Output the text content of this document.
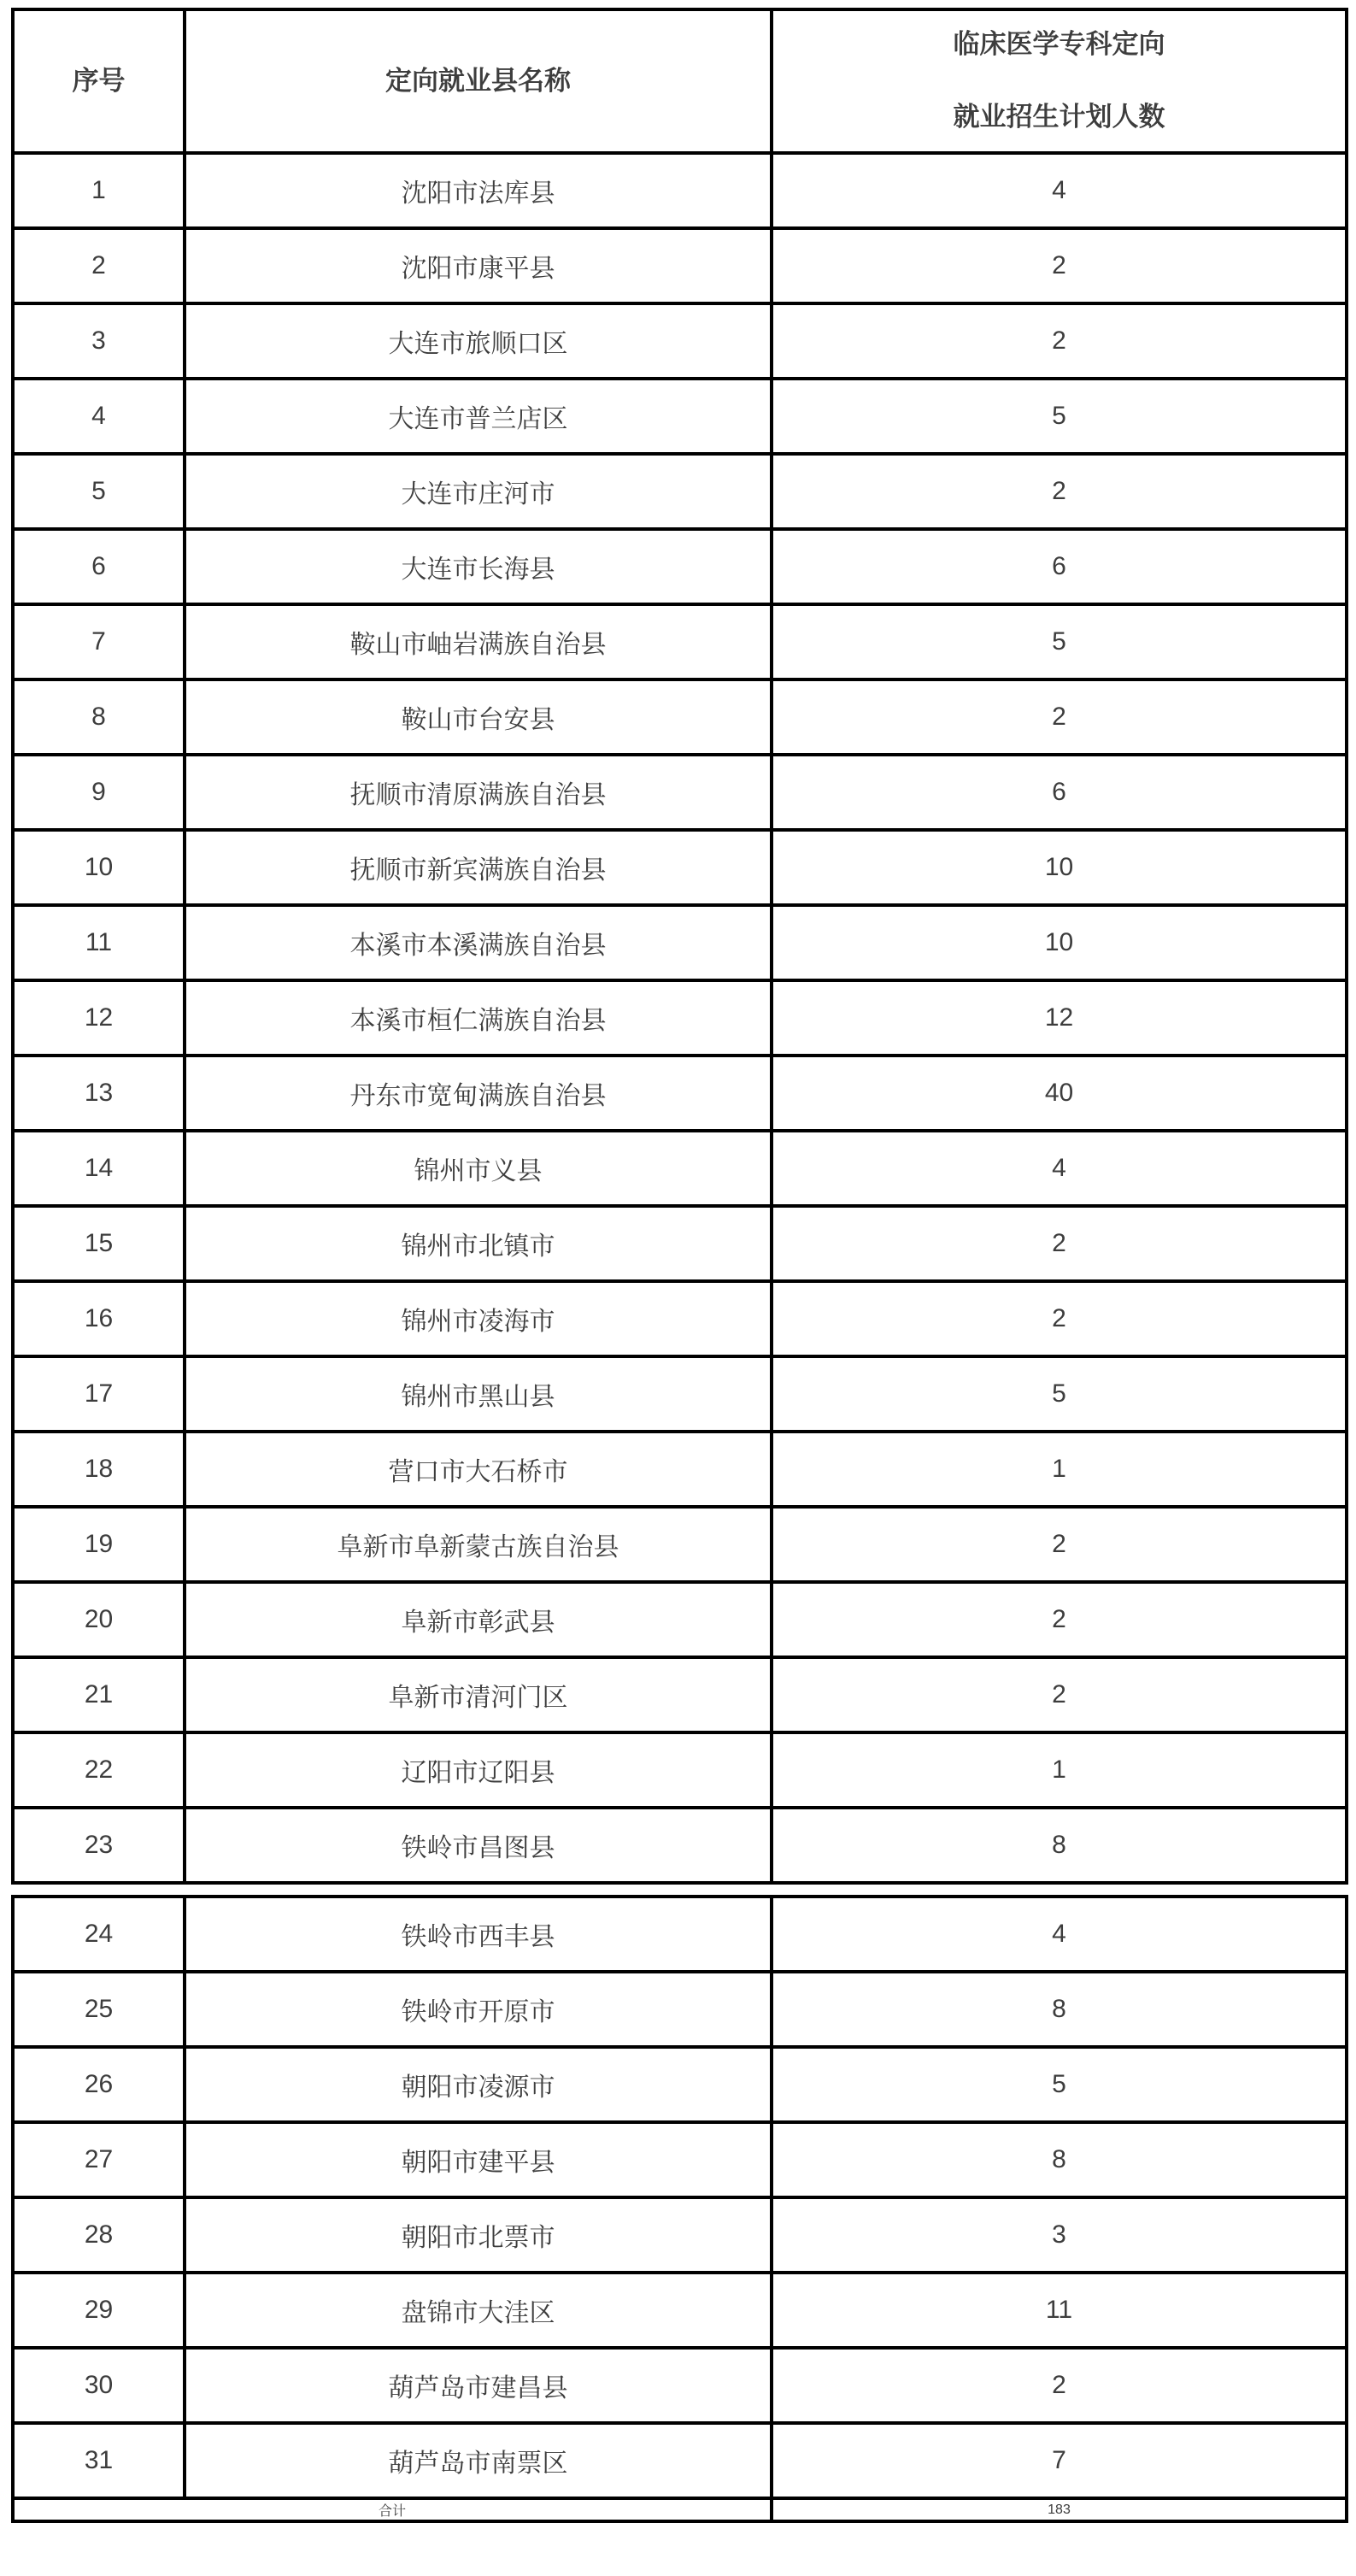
序号	定向就业县名称	临床医学专科定向
就业招生计划人数

1	沈阳市法库县	4
2	沈阳市康平县	2
3	大连市旅顺口区	2
4	大连市普兰店区	5
5	大连市庄河市	2
6	大连市长海县	6
7	鞍山市岫岩满族自治县	5
8	鞍山市台安县	2
9	抚顺市清原满族自治县	6
10	抚顺市新宾满族自治县	10
11	本溪市本溪满族自治县	10
12	本溪市桓仁满族自治县	12
13	丹东市宽甸满族自治县	40
14	锦州市义县	4
15	锦州市北镇市	2
16	锦州市凌海市	2
17	锦州市黑山县	5
18	营口市大石桥市	1
19	阜新市阜新蒙古族自治县	2
20	阜新市彰武县	2
21	阜新市清河门区	2
22	辽阳市辽阳县	1
23	铁岭市昌图县	8
24	铁岭市西丰县	4
25	铁岭市开原市	8
26	朝阳市凌源市	5
27	朝阳市建平县	8
28	朝阳市北票市	3
29	盘锦市大洼区	11
30	葫芦岛市建昌县	2
31	葫芦岛市南票区	7
合计		183
